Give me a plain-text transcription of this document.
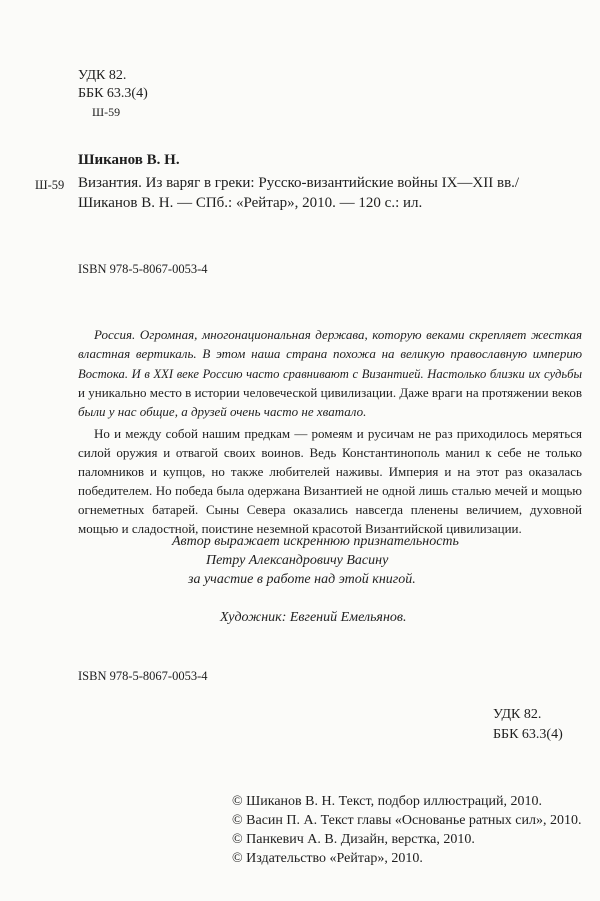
УДК 82.
ББК 63.3(4)
Ш-59
Шиканов В. Н.
Ш-59 Византия. Из варяг в греки: Русско-византийские войны IX—XII вв./
Шиканов В. Н. — СПб.: «Рейтар», 2010. — 120 с.: ил.
ISBN 978-5-8067-0053-4
Россия. Огромная, многонациональная держава, которую веками скрепляет жесткая
властная вертикаль. В этом наша страна похожа на великую православную империю
Востока. И в XXI веке Россию часто сравнивают с Византией. Настолько близки их судьбы
и уникально место в истории человеческой цивилизации. Даже враги на протяжении веков
были у нас общие, а друзей очень часто не хватало.
Но и между собой нашим предкам — ромеям и русичам не раз приходилось меряться
силой оружия и отвагой своих воинов. Ведь Константинополь манил к себе не только
паломников и купцов, но также любителей наживы. Империя и на этот раз оказалась
победителем. Но победа была одержана Византией не одной лишь сталью мечей и мощью
огнеметных батарей. Сыны Севера оказались навсегда пленены величием, духовной
мощью и сладостной, поистине неземной красотой Византийской цивилизации.
Автор выражает искреннюю признательность
Петру Александровичу Васину
за участие в работе над этой книгой.
Художник: Евгений Емельянов.
ISBN 978-5-8067-0053-4
УДК 82.
ББК 63.3(4)
© Шиканов В. Н. Текст, подбор иллюстраций, 2010.
© Васин П. А. Текст главы «Основанье ратных сил», 2010.
© Панкевич А. В. Дизайн, верстка, 2010.
© Издательство «Рейтар», 2010.
